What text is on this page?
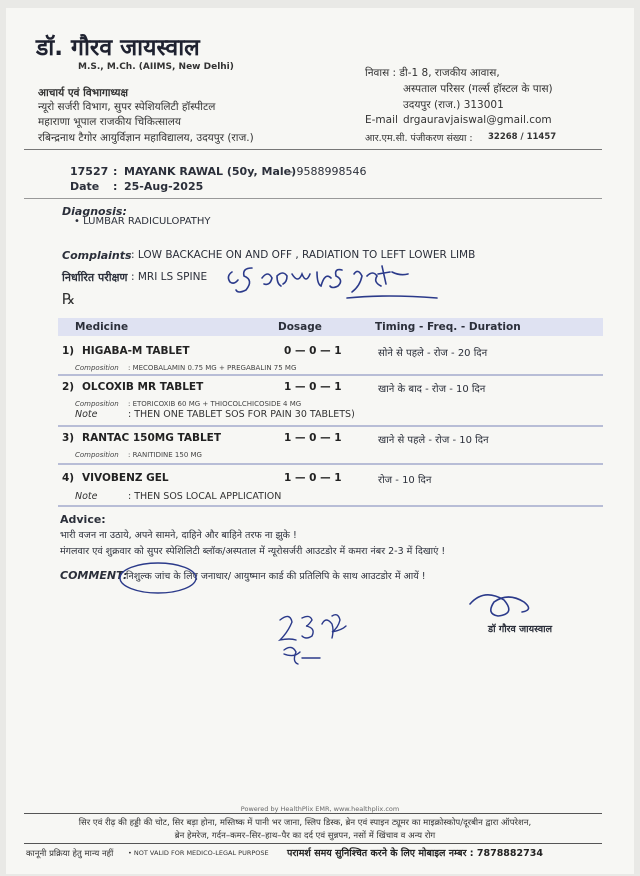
डॉ. गौरव जायस्वाल
M.S., M.Ch. (AIIMS, New Delhi)
आचार्य एवं विभागाध्यक्ष
न्यूरो सर्जरी विभाग, सुपर स्पेशियलिटी हॉस्पीटल
महाराणा भूपाल राजकीय चिकित्सालय
रबिन्द्रनाथ टैगोर आयुर्विज्ञान महाविद्यालय, उदयपुर (राज.)
निवास : डी-1 8, राजकीय आवास,
अस्पताल परिसर (गर्ल्स हॉस्टल के पास)
उदयपुर (राज.) 313001
E-mail drgauravjaiswal@gmail.com
आर.एम.सी. पंजीकरण संख्या : 32268 / 11457
17527 : MAYANK RAWAL (50y, Male)
- 9588998546
Date : 25-Aug-2025
Diagnosis:
• LUMBAR RADICULOPATHY
Complaints : LOW BACKACHE ON AND OFF , RADIATION TO LEFT LOWER LIMB
निर्धारित परीक्षण : MRI LS SPINE
℞
Medicine	Dosage	Timing - Freq. - Duration
1) HIGABA-M TABLET	0 — 0 — 1	सोने से पहले - रोज - 20 दिन
Composition : MECOBALAMIN 0.75 MG + PREGABALIN 75 MG
2) OLCOXIB MR TABLET	1 — 0 — 1	खाने के बाद - रोज - 10 दिन
Composition : ETORICOXIB 60 MG + THIOCOLCHICOSIDE 4 MG
Note	: THEN ONE TABLET SOS FOR PAIN 30 TABLETS)
3) RANTAC 150MG TABLET	1 — 0 — 1	खाने से पहले - रोज - 10 दिन
Composition : RANITIDINE 150 MG
4) VIVOBENZ GEL	1 — 0 — 1	रोज - 10 दिन
Note	: THEN SOS LOCAL APPLICATION
Advice:
भारी वजन ना उठाये, अपने सामने, दाहिने और बाहिने तरफ ना झुके !
मंगलवार एवं शुक्रवार को सुपर स्पेशिलिटी ब्लॉक/अस्पताल में न्यूरोसर्जरी आउटडोर में कमरा नंबर 2-3 में दिखाएं !
COMMENT:
निशुल्क जांच के लिए जनाधार/ आयुष्मान कार्ड की प्रतिलिपि के साथ आउटडोर में आयें !
डॉ गौरव जायस्वाल
Powered by HealthPlix EMR, www.healthplix.com
सिर एवं रीढ़ की हड्डी की चोट, सिर बड़ा होना, मस्तिष्क में पानी भर जाना, स्लिप डिस्क, ब्रेन एवं स्पाइन ट्यूमर का माइक्रोस्कोप/दूरबीन द्वारा ऑपरेशन,
ब्रेन हेमरेज, गर्दन–कमर–सिर–हाथ–पैर का दर्द एवं सुन्नपन, नसों में खिंचाव व अन्य रोग
कानूनी प्रक्रिया हेतु मान्य नहीं • NOT VALID FOR MEDICO-LEGAL PURPOSE परामर्श समय सुनिश्चित करने के लिए मोबाइल नम्बर : 7878882734
